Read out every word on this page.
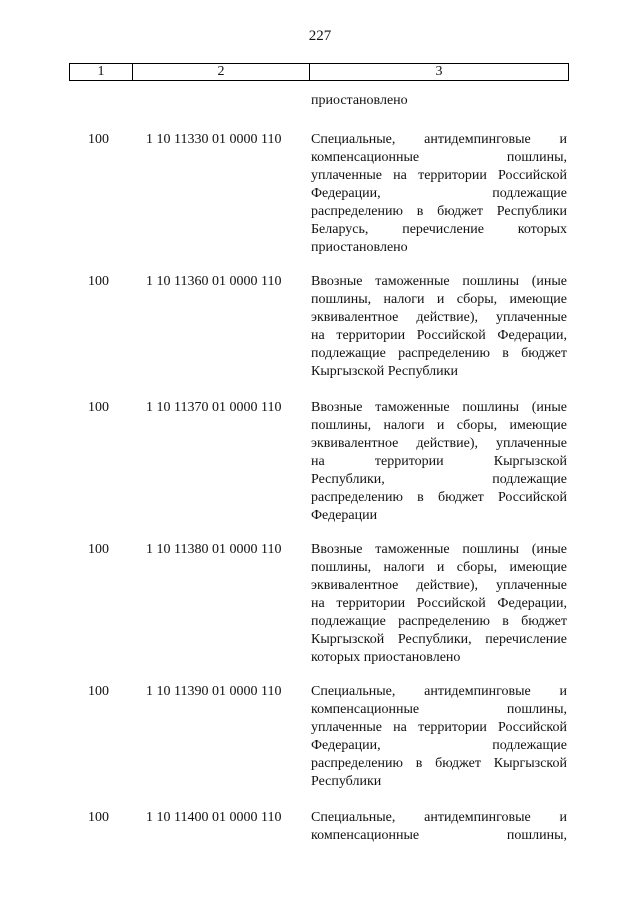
227
1	2	3
приостановлено
100	1 10 11330 01 0000 110	Специальные, антидемпинговые и
компенсационные пошлины,
уплаченные на территории Российской
Федерации, подлежащие
распределению в бюджет Республики
Беларусь, перечисление которых
приостановлено
100	1 10 11360 01 0000 110	Ввозные таможенные пошлины (иные
пошлины, налоги и сборы, имеющие
эквивалентное действие), уплаченные
на территории Российской Федерации,
подлежащие распределению в бюджет
Кыргызской Республики
100	1 10 11370 01 0000 110	Ввозные таможенные пошлины (иные
пошлины, налоги и сборы, имеющие
эквивалентное действие), уплаченные
на территории Кыргызской
Республики, подлежащие
распределению в бюджет Российской
Федерации
100	1 10 11380 01 0000 110	Ввозные таможенные пошлины (иные
пошлины, налоги и сборы, имеющие
эквивалентное действие), уплаченные
на территории Российской Федерации,
подлежащие распределению в бюджет
Кыргызской Республики, перечисление
которых приостановлено
100	1 10 11390 01 0000 110	Специальные, антидемпинговые и
компенсационные пошлины,
уплаченные на территории Российской
Федерации, подлежащие
распределению в бюджет Кыргызской
Республики
100	1 10 11400 01 0000 110	Специальные, антидемпинговые и
компенсационные пошлины,
